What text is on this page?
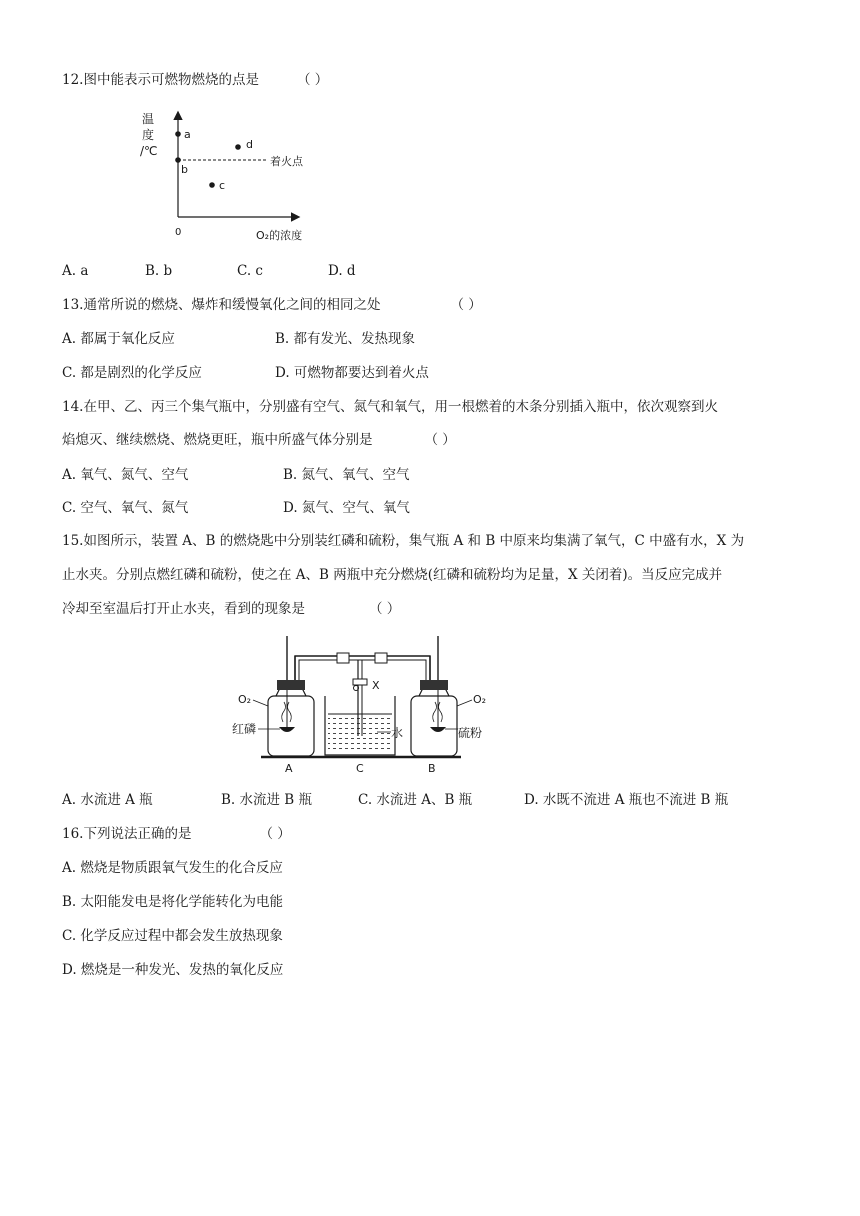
12.图中能表示可燃物燃烧的点是	（ ）
温
度
/℃
0	O₂的浓度
着火点
a
b
c
d
A. a	B. b	C. c	D. d
13.通常所说的燃烧、爆炸和缓慢氧化之间的相同之处	（ ）
A. 都属于氧化反应	B. 都有发光、发热现象
C. 都是剧烈的化学反应	D. 可燃物都要达到着火点
14.在甲、乙、丙三个集气瓶中，分别盛有空气、氮气和氧气，用一根燃着的木条分别插入瓶中，依次观察到火
焰熄灭、继续燃烧、燃烧更旺，瓶中所盛气体分别是	（ ）
A. 氧气、氮气、空气	B. 氮气、氧气、空气
C. 空气、氧气、氮气	D. 氮气、空气、氧气
15.如图所示，装置 A、B 的燃烧匙中分别装红磷和硫粉，集气瓶 A 和 B 中原来均集满了氧气，C 中盛有水，X 为
止水夹。分别点燃红磷和硫粉，使之在 A、B 两瓶中充分燃烧(红磷和硫粉均为足量，X 关闭着)。当反应完成并
冷却至室温后打开止水夹，看到的现象是	（ ）
X
O₂
红磷
O₂
硫粉
水
A	C	B
A. 水流进 A 瓶	B. 水流进 B 瓶	C. 水流进 A、B 瓶	D. 水既不流进 A 瓶也不流进 B 瓶
16.下列说法正确的是	（ ）
A. 燃烧是物质跟氧气发生的化合反应
B. 太阳能发电是将化学能转化为电能
C. 化学反应过程中都会发生放热现象
D. 燃烧是一种发光、发热的氧化反应
